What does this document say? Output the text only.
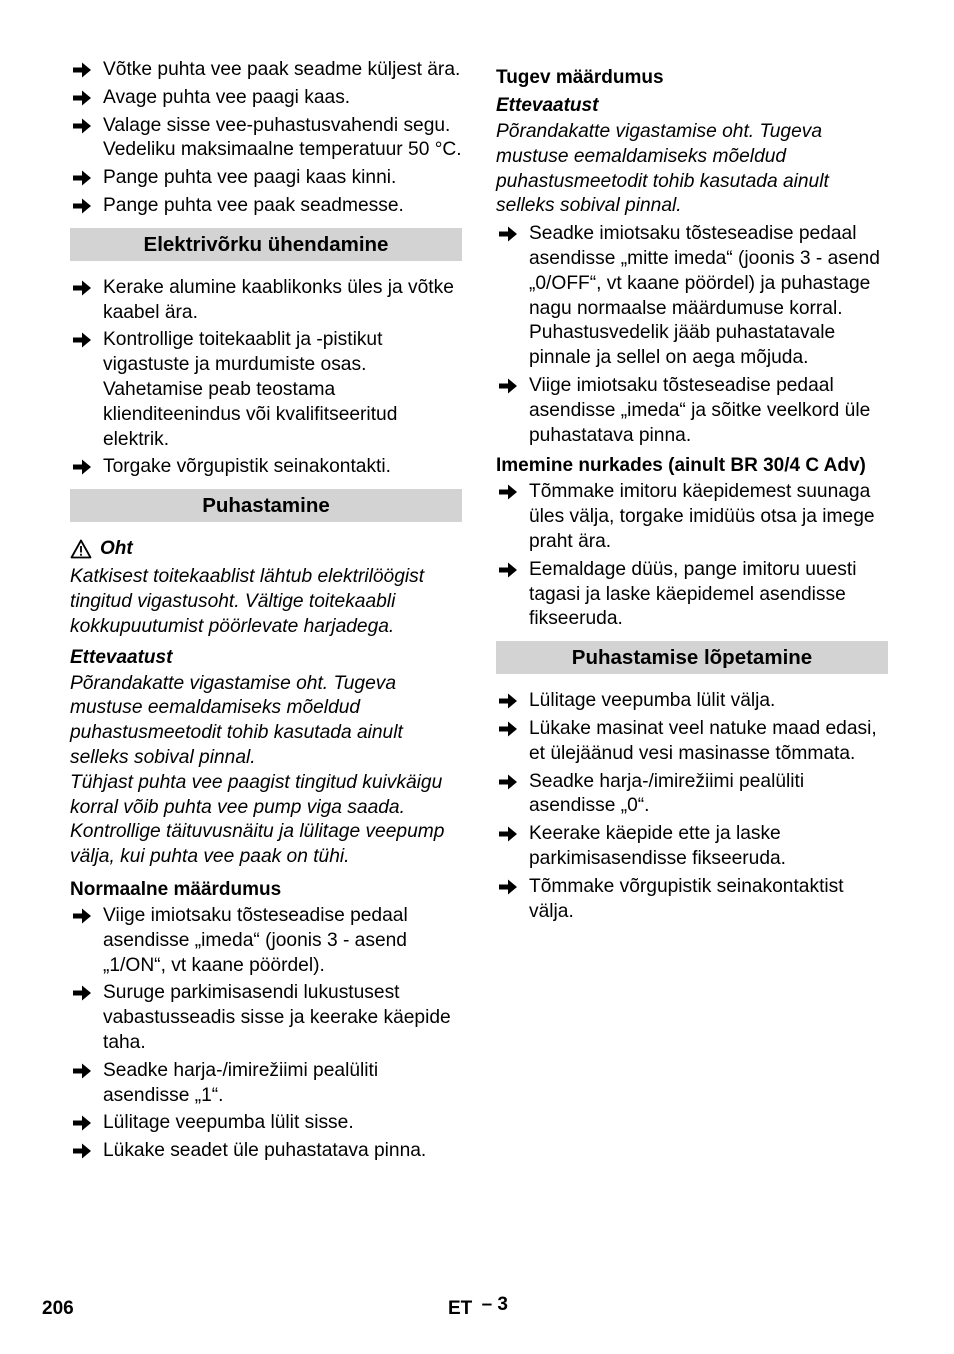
Võtke puhta vee paak seadme küljest ära.
Avage puhta vee paagi kaas.
Valage sisse vee-puhastusvahendi segu. Vedeliku maksimaalne temperatuur 50 °C.
Pange puhta vee paagi kaas kinni.
Pange puhta vee paak seadmesse.
Elektrivõrku ühendamine
Kerake alumine kaablikonks üles ja võtke kaabel ära.
Kontrollige toitekaablit ja -pistikut vigastuste ja murdumiste osas. Vahetamise peab teostama klienditeenindus või kvalifitseeritud elektrik.
Torgake võrgupistik seinakontakti.
Puhastamine
Oht
Katkisest toitekaablist lähtub elektrilöögist tingitud vigastusoht. Vältige toitekaabli kokkupuutumist pöörlevate harjadega.
Ettevaatust
Põrandakatte vigastamise oht. Tugeva mustuse eemaldamiseks mõeldud puhastusmeetodit tohib kasutada ainult selleks sobival pinnal.
Tühjast puhta vee paagist tingitud kuivkäigu korral võib puhta vee pump viga saada. Kontrollige täituvusnäitu ja lülitage veepump välja, kui puhta vee paak on tühi.
Normaalne määrdumus
Viige imiotsaku tõsteseadise pedaal asendisse „imeda“ (joonis 3 - asend „1/ON“, vt kaane pöördel).
Suruge parkimisasendi lukustusest vabastusseadis sisse ja keerake käepide taha.
Seadke harja-/imirežiimi pealüliti asendisse „1“.
Lülitage veepumba lülit sisse.
Lükake seadet üle puhastatava pinna.
Tugev määrdumus
Ettevaatust
Põrandakatte vigastamise oht. Tugeva mustuse eemaldamiseks mõeldud puhastusmeetodit tohib kasutada ainult selleks sobival pinnal.
Seadke imiotsaku tõsteseadise pedaal asendisse „mitte imeda“ (joonis 3 - asend „0/OFF“, vt kaane pöördel) ja puhastage nagu normaalse määrdumuse korral. Puhastusvedelik jääb puhastatavale pinnale ja sellel on aega mõjuda.
Viige imiotsaku tõsteseadise pedaal asendisse „imeda“ ja sõitke veelkord üle puhastatava pinna.
Imemine nurkades (ainult BR 30/4 C Adv)
Tõmmake imitoru käepidemest suunaga üles välja, torgake imidüüs otsa ja imege praht ära.
Eemaldage düüs, pange imitoru uuesti tagasi ja laske käepidemel asendisse fikseeruda.
Puhastamise lõpetamine
Lülitage veepumba lülit välja.
Lükake masinat veel natuke maad edasi, et ülejäänud vesi masinasse tõmmata.
Seadke harja-/imirežiimi pealüliti asendisse „0“.
Keerake käepide ette ja laske parkimisasendisse fikseeruda.
Tõmmake võrgupistik seinakontaktist välja.
206	ET – 3
